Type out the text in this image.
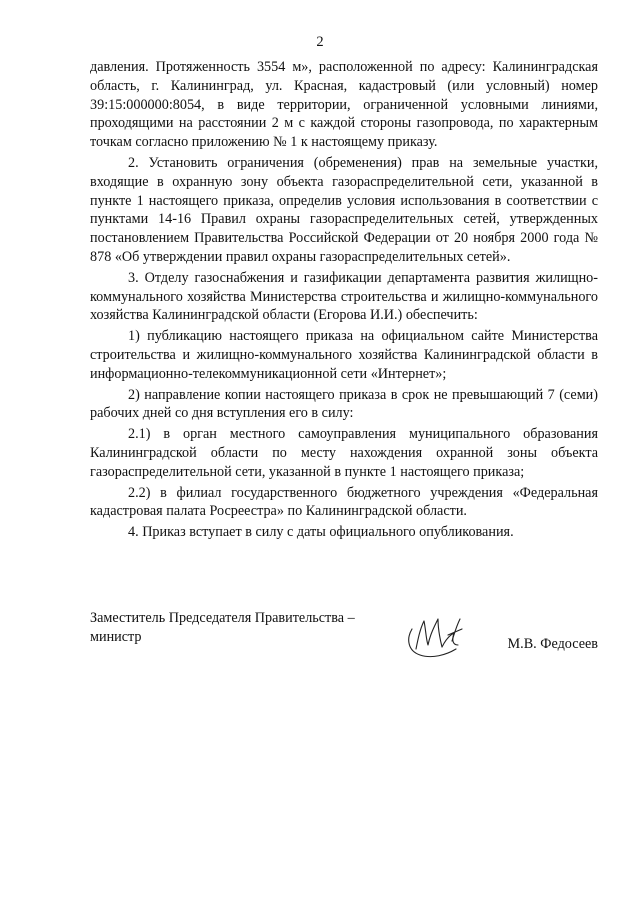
2

давления. Протяженность 3554 м», расположенной по адресу: Калининградская область, г. Калининград, ул. Красная, кадастровый (или условный) номер 39:15:000000:8054, в виде территории, ограниченной условными линиями, проходящими на расстоянии 2 м с каждой стороны газопровода, по характерным точкам согласно приложению № 1 к настоящему приказу.

2. Установить ограничения (обременения) прав на земельные участки, входящие в охранную зону объекта газораспределительной сети, указанной в пункте 1 настоящего приказа, определив условия использования в соответствии с пунктами 14-16 Правил охраны газораспределительных сетей, утвержденных постановлением Правительства Российской Федерации от 20 ноября 2000 года № 878 «Об утверждении правил охраны газораспределительных сетей».

3. Отделу газоснабжения и газификации департамента развития жилищно-коммунального хозяйства Министерства строительства и жилищно-коммунального хозяйства Калининградской области (Егорова И.И.) обеспечить:

1) публикацию настоящего приказа на официальном сайте Министерства строительства и жилищно-коммунального хозяйства Калининградской области в информационно-телекоммуникационной сети «Интернет»;

2) направление копии настоящего приказа в срок не превышающий 7 (семи) рабочих дней со дня вступления его в силу:

2.1) в орган местного самоуправления муниципального образования Калининградской области по месту нахождения охранной зоны объекта газораспределительной сети, указанной в пункте 1 настоящего приказа;

2.2) в филиал государственного бюджетного учреждения «Федеральная кадастровая палата Росреестра» по Калининградской области.

4. Приказ вступает в силу с даты официального опубликования.

Заместитель Председателя Правительства –
министр	М.В. Федосеев
